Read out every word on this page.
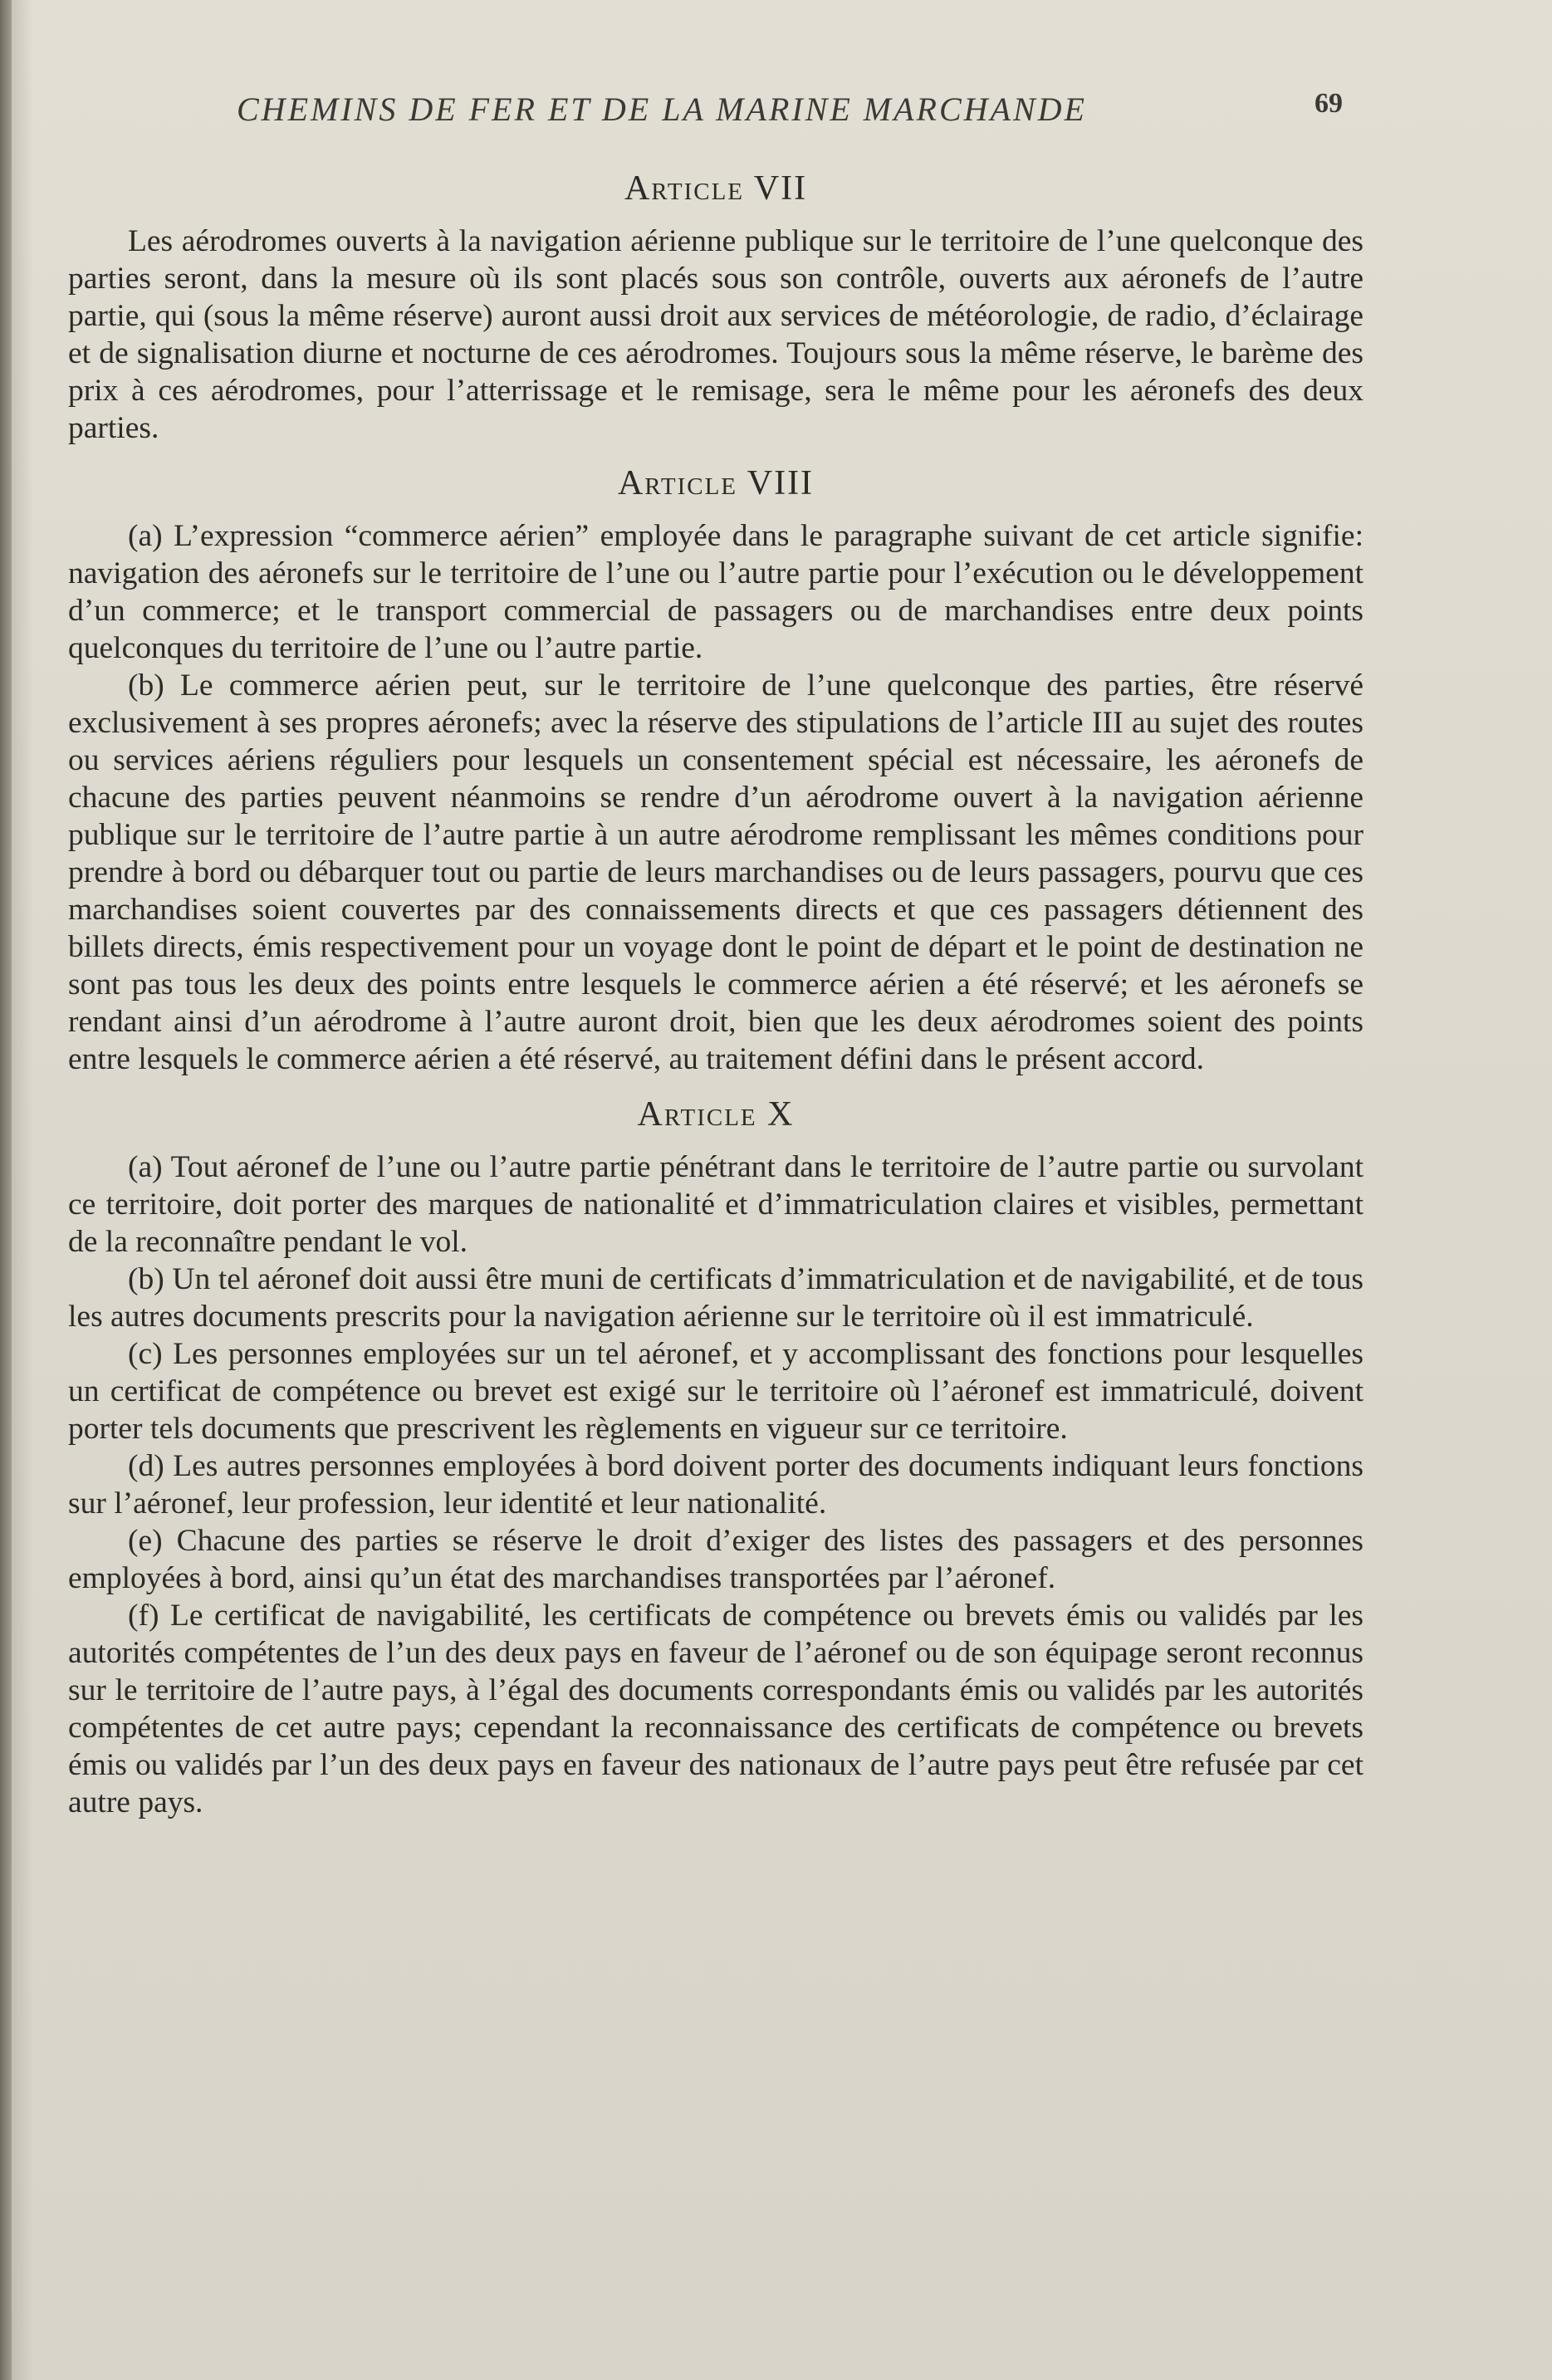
CHEMINS DE FER ET DE LA MARINE MARCHANDE	69
Article VII

Les aérodromes ouverts à la navigation aérienne publique sur le territoire de l’une quelconque des parties seront, dans la mesure où ils sont placés sous son contrôle, ouverts aux aéronefs de l’autre partie, qui (sous la même réserve) auront aussi droit aux services de météorologie, de radio, d’éclairage et de signalisation diurne et nocturne de ces aérodromes. Toujours sous la même réserve, le barème des prix à ces aérodromes, pour l’atterrissage et le remisage, sera le même pour les aéronefs des deux parties.

Article VIII

(a) L’expression “commerce aérien” employée dans le paragraphe suivant de cet article signifie: navigation des aéronefs sur le territoire de l’une ou l’autre partie pour l’exécution ou le développement d’un commerce; et le transport commercial de passagers ou de marchandises entre deux points quelconques du territoire de l’une ou l’autre partie.

(b) Le commerce aérien peut, sur le territoire de l’une quelconque des parties, être réservé exclusivement à ses propres aéronefs; avec la réserve des stipulations de l’article III au sujet des routes ou services aériens réguliers pour lesquels un consentement spécial est nécessaire, les aéronefs de chacune des parties peuvent néanmoins se rendre d’un aérodrome ouvert à la navigation aérienne publique sur le territoire de l’autre partie à un autre aérodrome remplissant les mêmes conditions pour prendre à bord ou débarquer tout ou partie de leurs marchandises ou de leurs passagers, pourvu que ces marchandises soient couvertes par des connaissements directs et que ces passagers détiennent des billets directs, émis respectivement pour un voyage dont le point de départ et le point de destination ne sont pas tous les deux des points entre lesquels le commerce aérien a été réservé; et les aéronefs se rendant ainsi d’un aérodrome à l’autre auront droit, bien que les deux aérodromes soient des points entre lesquels le commerce aérien a été réservé, au traitement défini dans le présent accord.

Article X

(a) Tout aéronef de l’une ou l’autre partie pénétrant dans le territoire de l’autre partie ou survolant ce territoire, doit porter des marques de nationalité et d’immatriculation claires et visibles, permettant de la reconnaître pendant le vol.

(b) Un tel aéronef doit aussi être muni de certificats d’immatriculation et de navigabilité, et de tous les autres documents prescrits pour la navigation aérienne sur le territoire où il est immatriculé.

(c) Les personnes employées sur un tel aéronef, et y accomplissant des fonctions pour lesquelles un certificat de compétence ou brevet est exigé sur le territoire où l’aéronef est immatriculé, doivent porter tels documents que prescrivent les règlements en vigueur sur ce territoire.

(d) Les autres personnes employées à bord doivent porter des documents indiquant leurs fonctions sur l’aéronef, leur profession, leur identité et leur nationalité.

(e) Chacune des parties se réserve le droit d’exiger des listes des passagers et des personnes employées à bord, ainsi qu’un état des marchandises transportées par l’aéronef.

(f) Le certificat de navigabilité, les certificats de compétence ou brevets émis ou validés par les autorités compétentes de l’un des deux pays en faveur de l’aéronef ou de son équipage seront reconnus sur le territoire de l’autre pays, à l’égal des documents correspondants émis ou validés par les autorités compétentes de cet autre pays; cependant la reconnaissance des certificats de compétence ou brevets émis ou validés par l’un des deux pays en faveur des nationaux de l’autre pays peut être refusée par cet autre pays.
